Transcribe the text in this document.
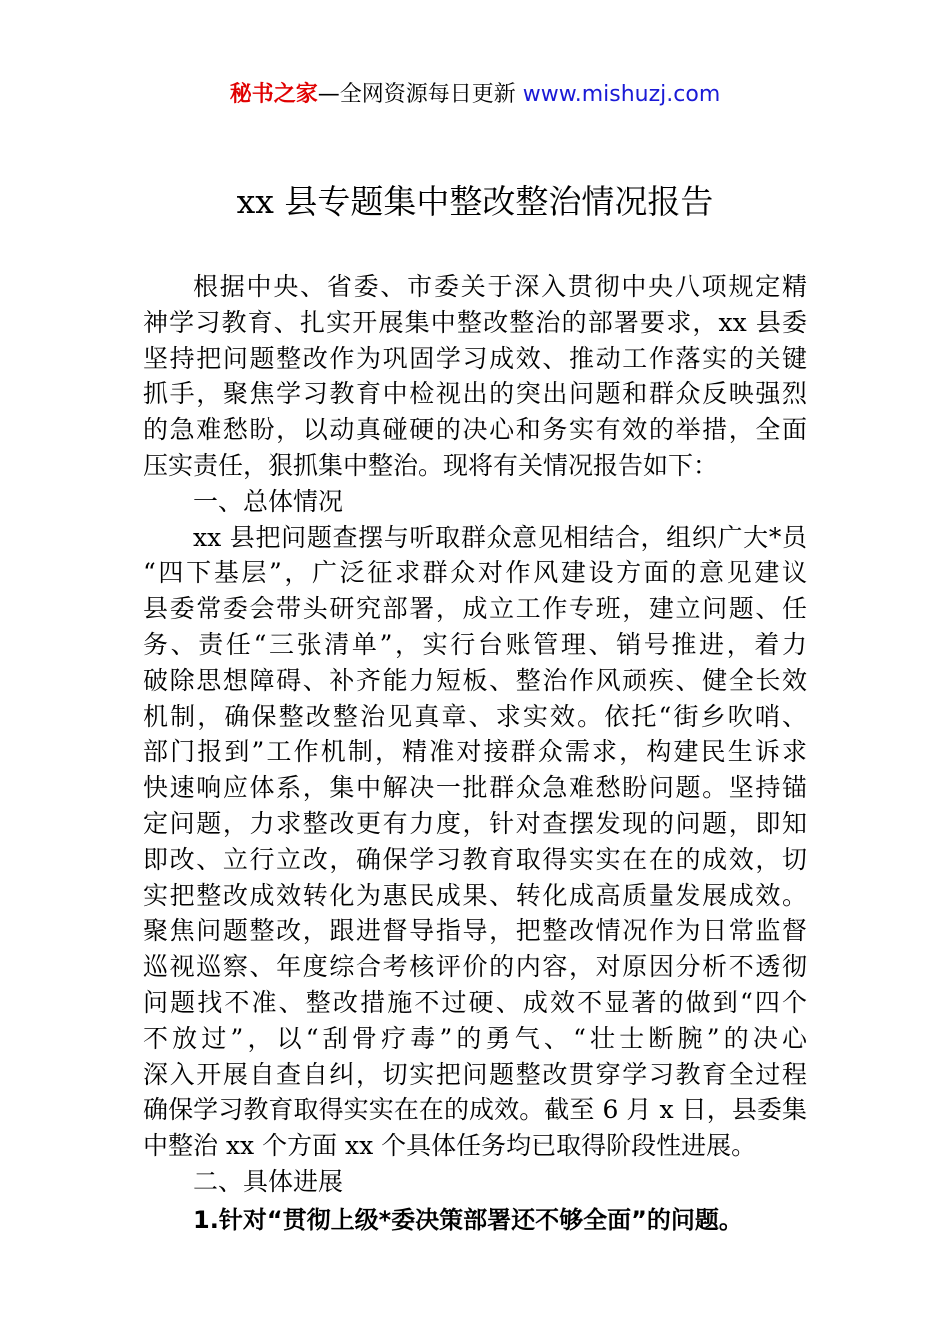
秘书之家—全网资源每日更新 www.mishuzj.com
xx 县专题集中整改整治情况报告
根据中央、省委、市委关于深入贯彻中央八项规定精
神学习教育、扎实开展集中整改整治的部署要求，xx 县委
坚持把问题整改作为巩固学习成效、推动工作落实的关键
抓手，聚焦学习教育中检视出的突出问题和群众反映强烈
的急难愁盼，以动真碰硬的决心和务实有效的举措，全面
压实责任，狠抓集中整治。现将有关情况报告如下：
一、总体情况
xx 县把问题查摆与听取群众意见相结合，组织广大*员
“四下基层”，广泛征求群众对作风建设方面的意见建议
县委常委会带头研究部署，成立工作专班，建立问题、任
务、责任“三张清单”，实行台账管理、销号推进，着力
破除思想障碍、补齐能力短板、整治作风顽疾、健全长效
机制，确保整改整治见真章、求实效。依托“街乡吹哨、
部门报到”工作机制，精准对接群众需求，构建民生诉求
快速响应体系，集中解决一批群众急难愁盼问题。坚持锚
定问题，力求整改更有力度，针对查摆发现的问题，即知
即改、立行立改，确保学习教育取得实实在在的成效，切
实把整改成效转化为惠民成果、转化成高质量发展成效。
聚焦问题整改，跟进督导指导，把整改情况作为日常监督
巡视巡察、年度综合考核评价的内容，对原因分析不透彻
问题找不准、整改措施不过硬、成效不显著的做到“四个
不放过”，以“刮骨疗毒”的勇气、“壮士断腕”的决心
深入开展自查自纠，切实把问题整改贯穿学习教育全过程
确保学习教育取得实实在在的成效。截至 6 月 x 日，县委集
中整治 xx 个方面 xx 个具体任务均已取得阶段性进展。
二、具体进展
1.针对“贯彻上级*委决策部署还不够全面”的问题。
